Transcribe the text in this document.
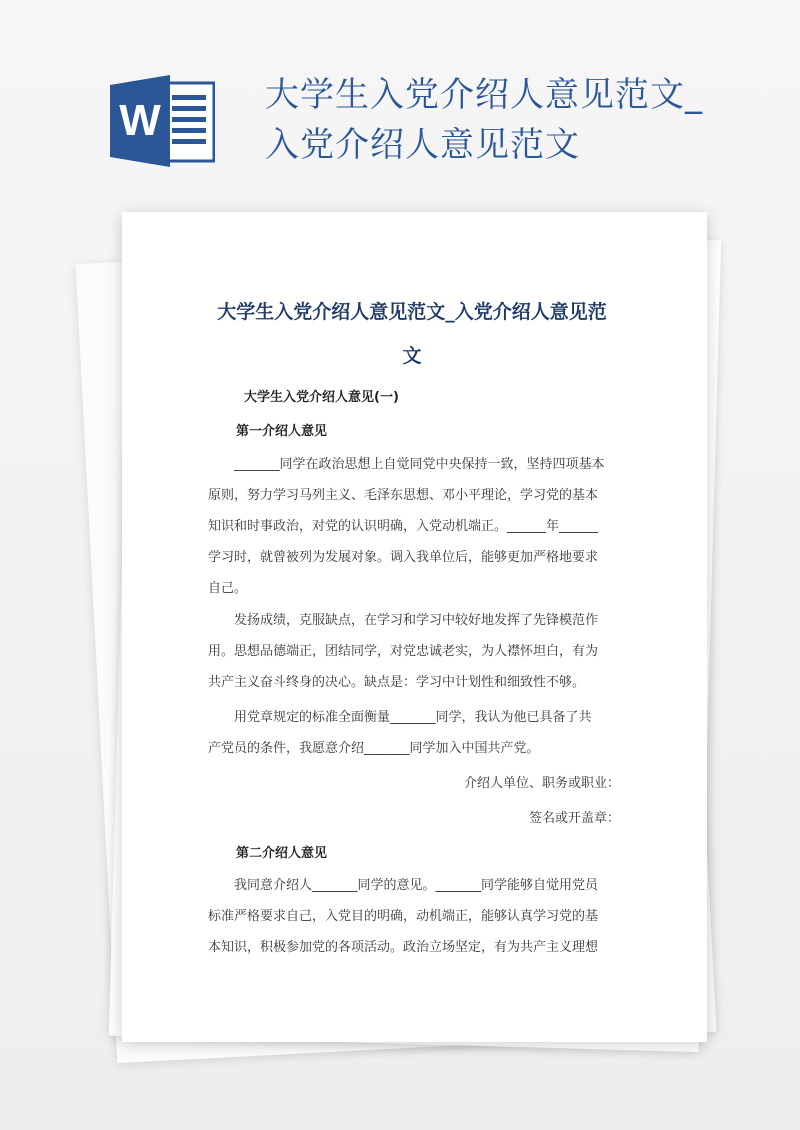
W
大学生入党介绍人意见范文_
入党介绍人意见范文
大学生入党介绍人意见范文_入党介绍人意见范
文
大学生入党介绍人意见(一)
第一介绍人意见
_______同学在政治思想上自觉同党中央保持一致，坚持四项基本
原则，努力学习马列主义、毛泽东思想、邓小平理论，学习党的基本
知识和时事政治，对党的认识明确，入党动机端正。______年______
学习时，就曾被列为发展对象。调入我单位后，能够更加严格地要求
自己。
发扬成绩，克服缺点，在学习和学习中较好地发挥了先锋模范作
用。思想品德端正，团结同学，对党忠诚老实，为人襟怀坦白，有为
共产主义奋斗终身的决心。缺点是：学习中计划性和细致性不够。
用党章规定的标准全面衡量_______同学，我认为他已具备了共
产党员的条件，我愿意介绍_______同学加入中国共产党。
介绍人单位、职务或职业：
签名或开盖章：
第二介绍人意见
我同意介绍人_______同学的意见。_______同学能够自觉用党员
标准严格要求自己，入党目的明确，动机端正，能够认真学习党的基
本知识，积极参加党的各项活动。政治立场坚定，有为共产主义理想
